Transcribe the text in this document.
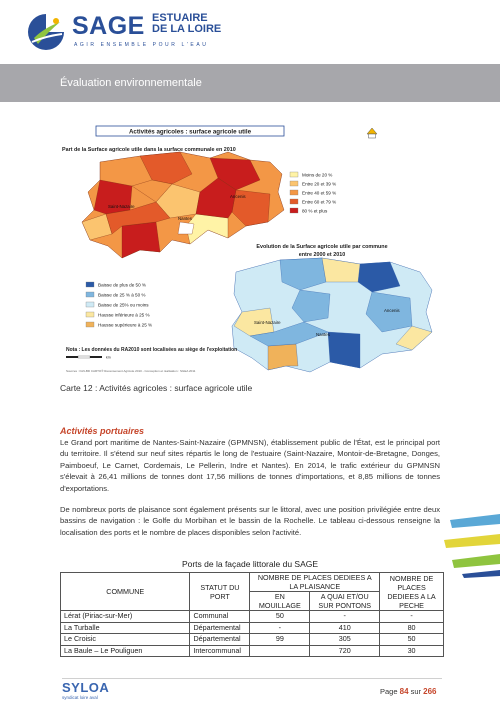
SAGE ESTUAIRE
DE LA LOIRE
AGIR ENSEMBLE POUR L'EAU
Évaluation environnementale
Activités agricoles : surface agricole utile
Part de la Surface agricole utile dans la surface communale en 2010
Saint-Nazaire
Nantes
Ancenis
Moins de 20 %
Entre 20 et 39 %
Entre 40 et 59 %
Entre 60 et 79 %
80 % et plus
Evolution de la Surface agricole utile par commune
entre 2000 et 2010
Saint-Nazaire
Nantes
Ancenis
Baisse de plus de 50 %
Baisse de 25 % à 50 %
Baisse de 25% ou moins
Hausse inférieure à 25 %
Hausse supérieure à 25 %
Nota : Les données du RA2010 sont localisées au siège de l'exploitation
km
Sources : IGN-BD CARTO® Recensement Agricole 2010 - Conception et réalisation : SGEA 2011
Carte 12 : Activités agricoles : surface agricole utile
Activités portuaires

Le Grand port maritime de Nantes-Saint-Nazaire (GPMNSN), établissement public de l'État, est le principal port du territoire. Il s'étend sur neuf sites répartis le long de l'estuaire (Saint-Nazaire, Montoir-de-Bretagne, Donges, Paimboeuf, Le Carnet, Cordemais, Le Pellerin, Indre et Nantes). En 2014, le trafic extérieur du GPMNSN s'élevait à 26,41 millions de tonnes dont 17,56 millions de tonnes d'importations, et 8,85 millions de tonnes d'exportations.

De nombreux ports de plaisance sont également présents sur le littoral, avec une position privilégiée entre deux bassins de navigation : le Golfe du Morbihan et le bassin de la Rochelle. Le tableau ci-dessous renseigne la localisation des ports et le nombre de places disponibles selon l'activité.

Ports de la façade littorale du SAGE
COMMUNE	STATUT DU PORT	NOMBRE DE PLACES DEDIEES A LA PLAISANCE		NOMBRE DE PLACES DEDIEES A LA PECHE
		EN MOUILLAGE	A QUAI ET/OU SUR PONTONS	
Lérat (Piriac-sur-Mer)	Communal	50	-	-
La Turballe	Départemental	-	410	80
Le Croisic	Départemental	99	305	50
La Baule – Le Pouliguen	Intercommunal		720	30
SYLOA
syndicat loire aval
Page 84 sur 266
